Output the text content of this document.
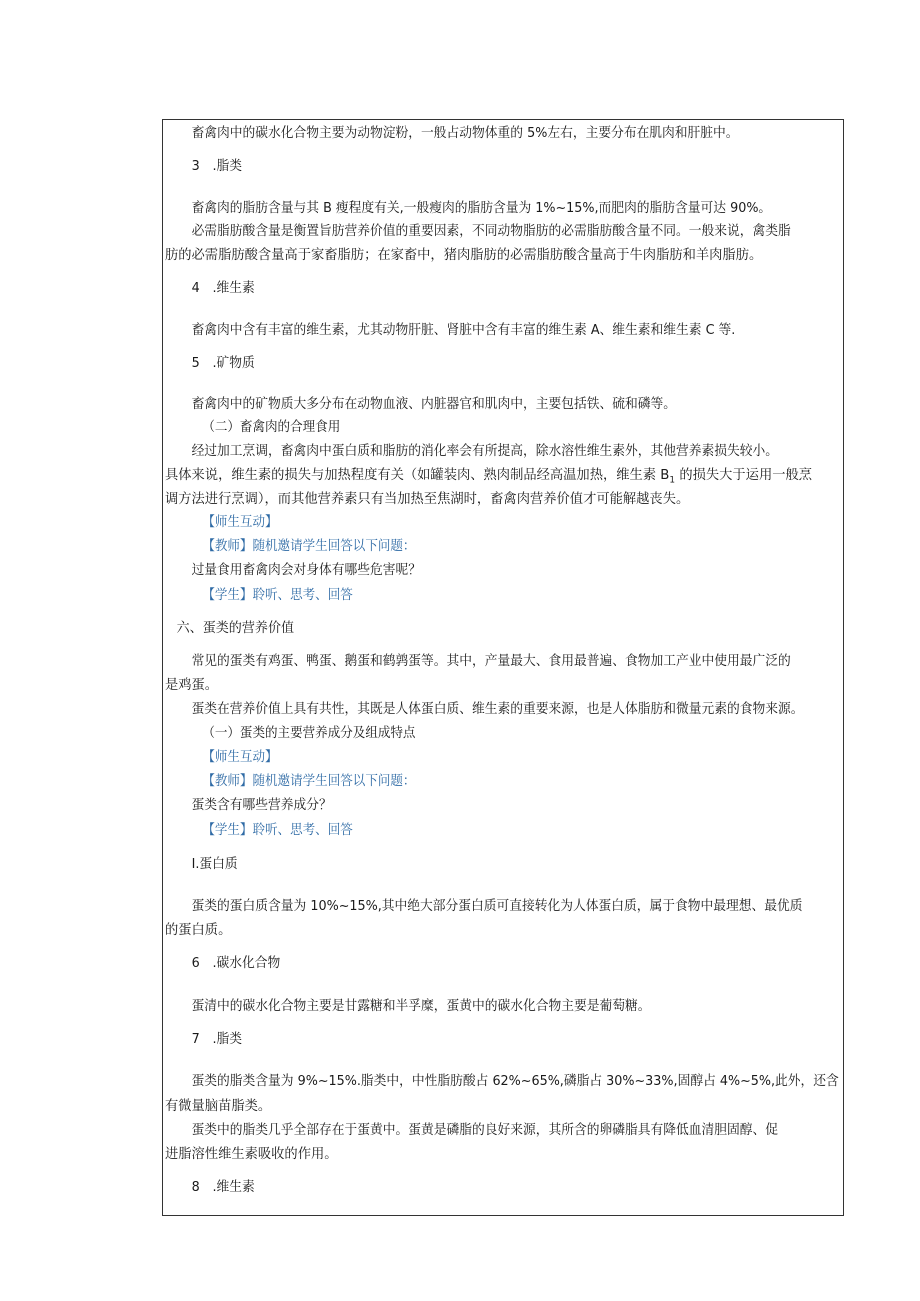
畜禽肉中的碳水化合物主要为动物淀粉，一般占动物体重的 5%左右，主要分布在肌肉和肝脏中。
3 .脂类
畜禽肉的脂肪含量与其 B 瘦程度有关,一般瘦肉的脂肪含量为 1%~15%,而肥肉的脂肪含量可达 90%。
必需脂肪酸含量是衡置旨肪营养价值的重要因素，不同动物脂肪的必需脂肪酸含量不同。一般来说，禽类脂
肪的必需脂肪酸含量高于家畜脂肪；在家畜中，猪肉脂肪的必需脂肪酸含量高于牛肉脂肪和羊肉脂肪。
4 .维生素
畜禽肉中含有丰富的维生素，尤其动物肝脏、肾脏中含有丰富的维生素 A、维生素和维生素 C 等.
5 .矿物质
畜禽肉中的矿物质大多分布在动物血液、内脏器官和肌肉中，主要包括铁、硫和磷等。
（二）畜禽肉的合理食用
经过加工烹调，畜禽肉中蛋白质和脂肪的消化率会有所提高，除水溶性维生素外，其他营养素损失较小。
具体来说，维生素的损失与加热程度有关（如罐装肉、熟肉制品经高温加热，维生素 $B_1$ 的损失大于运用一般烹
调方法进行烹调），而其他营养素只有当加热至焦湖时，畜禽肉营养价值才可能解越丧失。
【师生互动】
【教师】随机邀请学生回答以下问题：
过量食用畜禽肉会对身体有哪些危害呢？
【学生】聆听、思考、回答
六、蛋类的营养价值
常见的蛋类有鸡蛋、鸭蛋、鹅蛋和鹤鹑蛋等。其中，产量最大、食用最普遍、食物加工产业中使用最广泛的
是鸡蛋。
蛋类在营养价值上具有共性，其既是人体蛋白质、维生素的重要来源，也是人体脂肪和微量元素的食物来源。
（一）蛋类的主要营养成分及组成特点
【师生互动】
【教师】随机邀请学生回答以下问题：
蛋类含有哪些营养成分？
【学生】聆听、思考、回答
I.蛋白质
蛋类的蛋白质含量为 10%~15%,其中绝大部分蛋白质可直接转化为人体蛋白质，属于食物中最理想、最优质
的蛋白质。
6 .碳水化合物
蛋清中的碳水化合物主要是甘露糖和半孚糜，蛋黄中的碳水化合物主要是葡萄糖。
7 .脂类
蛋类的脂类含量为 9%~15%.脂类中，中性脂肪酸占 62%~65%,磷脂占 30%~33%,固醇占 4%~5%,此外，还含
有微量脑苗脂类。
蛋类中的脂类几乎全部存在于蛋黄中。蛋黄是磷脂的良好来源，其所含的卵磷脂具有降低血清胆固醇、促
进脂溶性维生素吸收的作用。
8 .维生素
